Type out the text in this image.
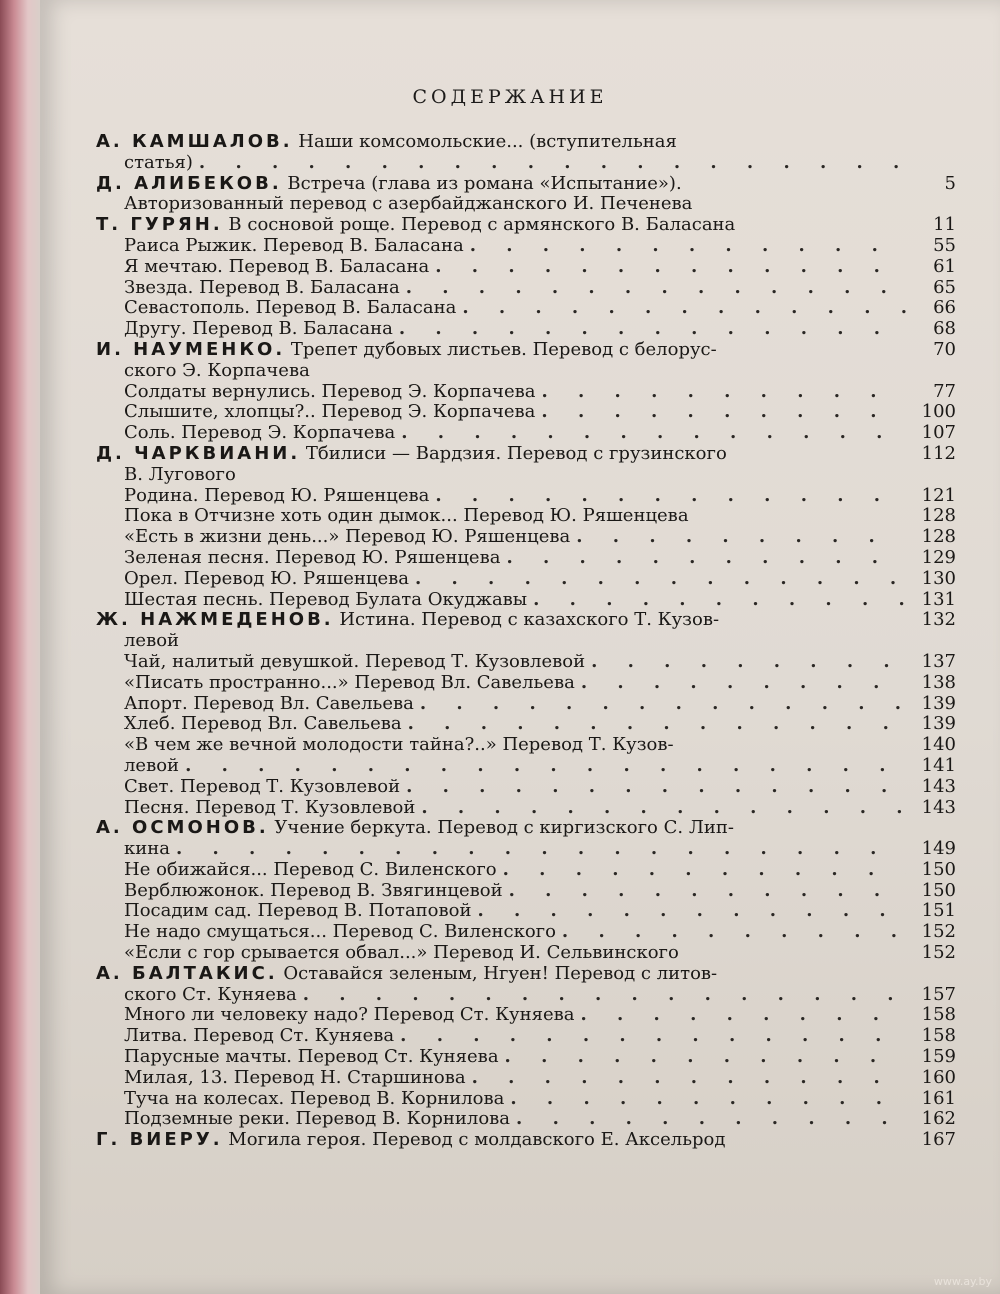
СОДЕРЖАНИЕ
А. КАМШАЛОВ. Наши комсомольские... (вступительная
статья)
. . .
Д. АЛИБЕКОВ. Встреча (глава из романа «Испытание»).	5
Авторизованный перевод с азербайджанского И. Печенева
Т. ГУРЯН. В сосновой роще. Перевод с армянского В. Баласана	11
Раиса Рыжик. Перевод В. Баласана . . .	55
Я мечтаю. Перевод В. Баласана . . .	61
Звезда. Перевод В. Баласана . . .	65
Севастополь. Перевод В. Баласана . . .	66
Другу. Перевод В. Баласана . . .	68
И. НАУМЕНКО. Трепет дубовых листьев. Перевод с белорус-	70
ского Э. Корпачева
Солдаты вернулись. Перевод Э. Корпачева . . .	77
Слышите, хлопцы?.. Перевод Э. Корпачева . . .	100
Соль. Перевод Э. Корпачева . . .	107
Д. ЧАРКВИАНИ. Тбилиси — Вардзия. Перевод с грузинского	112
В. Лугового
Родина. Перевод Ю. Ряшенцева . . .	121
Пока в Отчизне хоть один дымок... Перевод Ю. Ряшенцева	128
«Есть в жизни день...» Перевод Ю. Ряшенцева . . .	128
Зеленая песня. Перевод Ю. Ряшенцева . . .	129
Орел. Перевод Ю. Ряшенцева . . .	130
Шестая песнь. Перевод Булата Окуджавы . . .	131
Ж. НАЖМЕДЕНОВ. Истина. Перевод с казахского Т. Кузов-	132
левой
Чай, налитый девушкой. Перевод Т. Кузовлевой . . .	137
«Писать пространно...» Перевод Вл. Савельева . . .	138
Апорт. Перевод Вл. Савельева . . .	139
Хлеб. Перевод Вл. Савельева . . .	139
«В чем же вечной молодости тайна?..» Перевод Т. Кузов-	140
левой . . .	141
Свет. Перевод Т. Кузовлевой . . .	143
Песня. Перевод Т. Кузовлевой . . .	143
А. ОСМОНОВ. Учение беркута. Перевод с киргизского С. Лип-
кина . . .	149
Не обижайся... Перевод С. Виленского . . .	150
Верблюжонок. Перевод В. Звягинцевой . . .	150
Посадим сад. Перевод В. Потаповой . . .	151
Не надо смущаться... Перевод С. Виленского . . .	152
«Если с гор срывается обвал...» Перевод И. Сельвинского	152
А. БАЛТАКИС. Оставайся зеленым, Нгуен! Перевод с литов-
ского Ст. Куняева . . .	157
Много ли человеку надо? Перевод Ст. Куняева . . .	158
Литва. Перевод Ст. Куняева . . .	158
Парусные мачты. Перевод Ст. Куняева . . .	159
Милая, 13. Перевод Н. Старшинова . . .	160
Туча на колесах. Перевод В. Корнилова . . .	161
Подземные реки. Перевод В. Корнилова . . .	162
Г. ВИЕРУ. Могила героя. Перевод с молдавского Е. Аксельрод	167
www.ay.by
